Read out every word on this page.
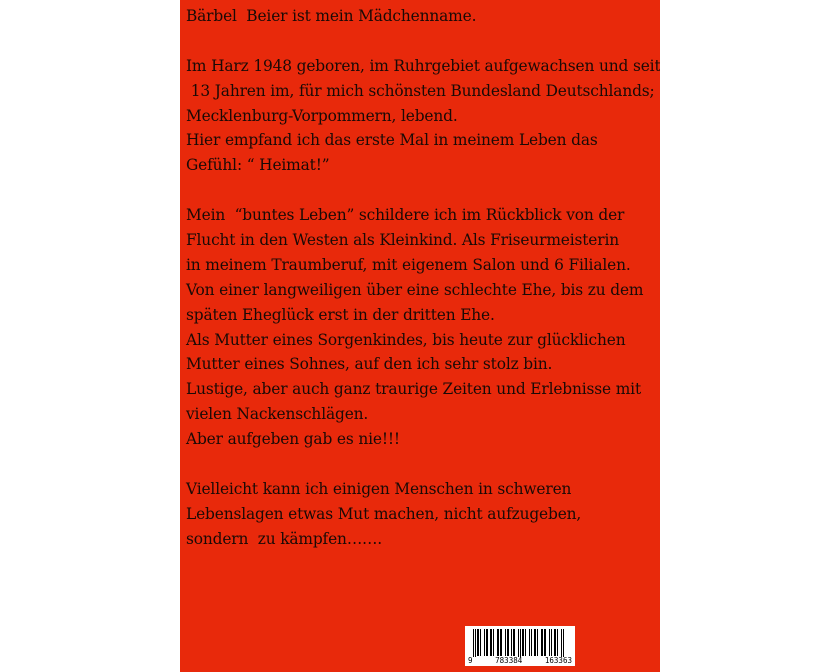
Bärbel  Beier ist mein Mädchenname.
Im Harz 1948 geboren, im Ruhrgebiet aufgewachsen und seit
13 Jahren im, für mich schönsten Bundesland Deutschlands;
Mecklenburg-Vorpommern, lebend.
Hier empfand ich das erste Mal in meinem Leben das
Gefühl: “ Heimat!”
Mein  “buntes Leben” schildere ich im Rückblick von der
Flucht in den Westen als Kleinkind. Als Friseurmeisterin
in meinem Traumberuf, mit eigenem Salon und 6 Filialen.
Von einer langweiligen über eine schlechte Ehe, bis zu dem
späten Eheglück erst in der dritten Ehe.
Als Mutter eines Sorgenkindes, bis heute zur glücklichen
Mutter eines Sohnes, auf den ich sehr stolz bin.
Lustige, aber auch ganz traurige Zeiten und Erlebnisse mit
vielen Nackenschlägen.
Aber aufgeben gab es nie!!!
Vielleicht kann ich einigen Menschen in schweren
Lebenslagen etwas Mut machen, nicht aufzugeben,
sondern  zu kämpfen…….
9	783384	163363
